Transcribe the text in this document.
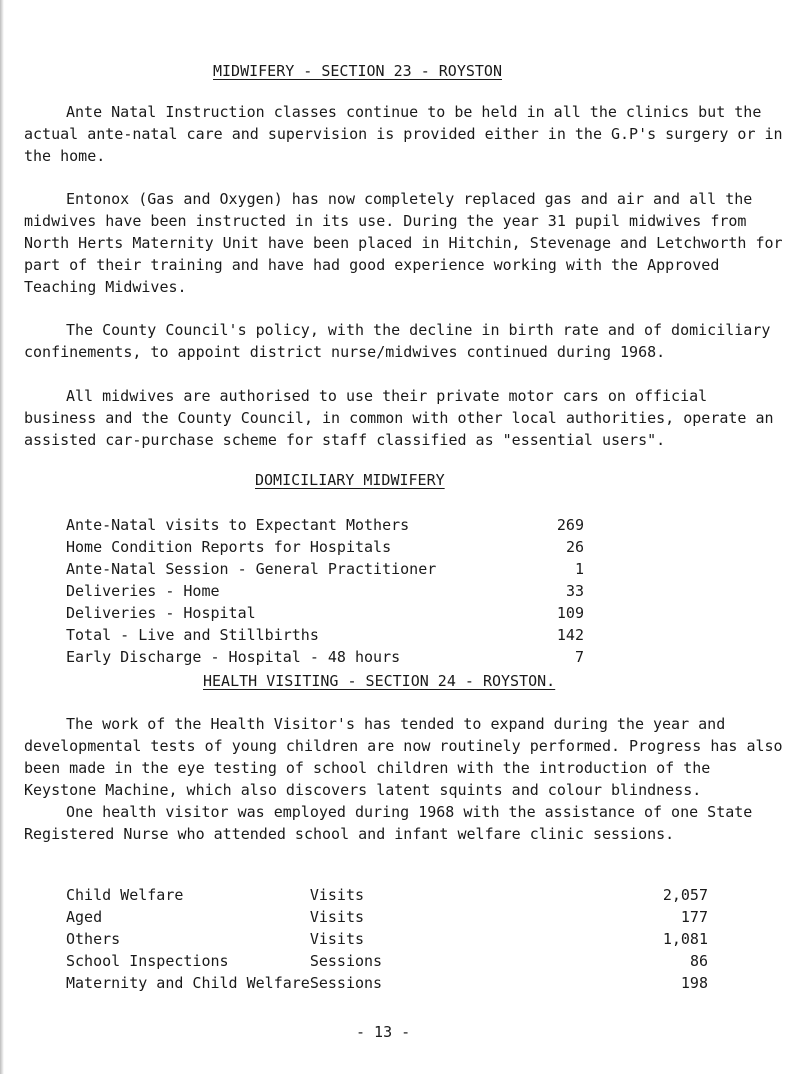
MIDWIFERY - SECTION 23 - ROYSTON

Ante Natal Instruction classes continue to be held in all the clinics but the actual ante-natal care and supervision is provided either in the G.P's surgery or in the home.

Entonox (Gas and Oxygen) has now completely replaced gas and air and all the midwives have been instructed in its use. During the year 31 pupil midwives from North Herts Maternity Unit have been placed in Hitchin, Stevenage and Letchworth for part of their training and have had good experience working with the Approved Teaching Midwives.

The County Council's policy, with the decline in birth rate and of domiciliary confinements, to appoint district nurse/midwives continued during 1968.

All midwives are authorised to use their private motor cars on official business and the County Council, in common with other local authorities, operate an assisted car-purchase scheme for staff classified as "essential users".

DOMICILIARY MIDWIFERY
Ante-Natal visits to Expectant Mothers	269
Home Condition Reports for Hospitals	26
Ante-Natal Session - General Practitioner	1
Deliveries - Home	33
Deliveries - Hospital	109
Total - Live and Stillbirths	142
Early Discharge - Hospital - 48 hours	7
HEALTH VISITING - SECTION 24 - ROYSTON.

The work of the Health Visitor's has tended to expand during the year and developmental tests of young children are now routinely performed. Progress has also been made in the eye testing of school children with the introduction of the Keystone Machine, which also discovers latent squints and colour blindness.

One health visitor was employed during 1968 with the assistance of one State Registered Nurse who attended school and infant welfare clinic sessions.

Child Welfare	Visits	2,057
Aged	Visits	177
Others	Visits	1,081
School Inspections	Sessions	86
Maternity and Child Welfare	Sessions	198
- 13 -
